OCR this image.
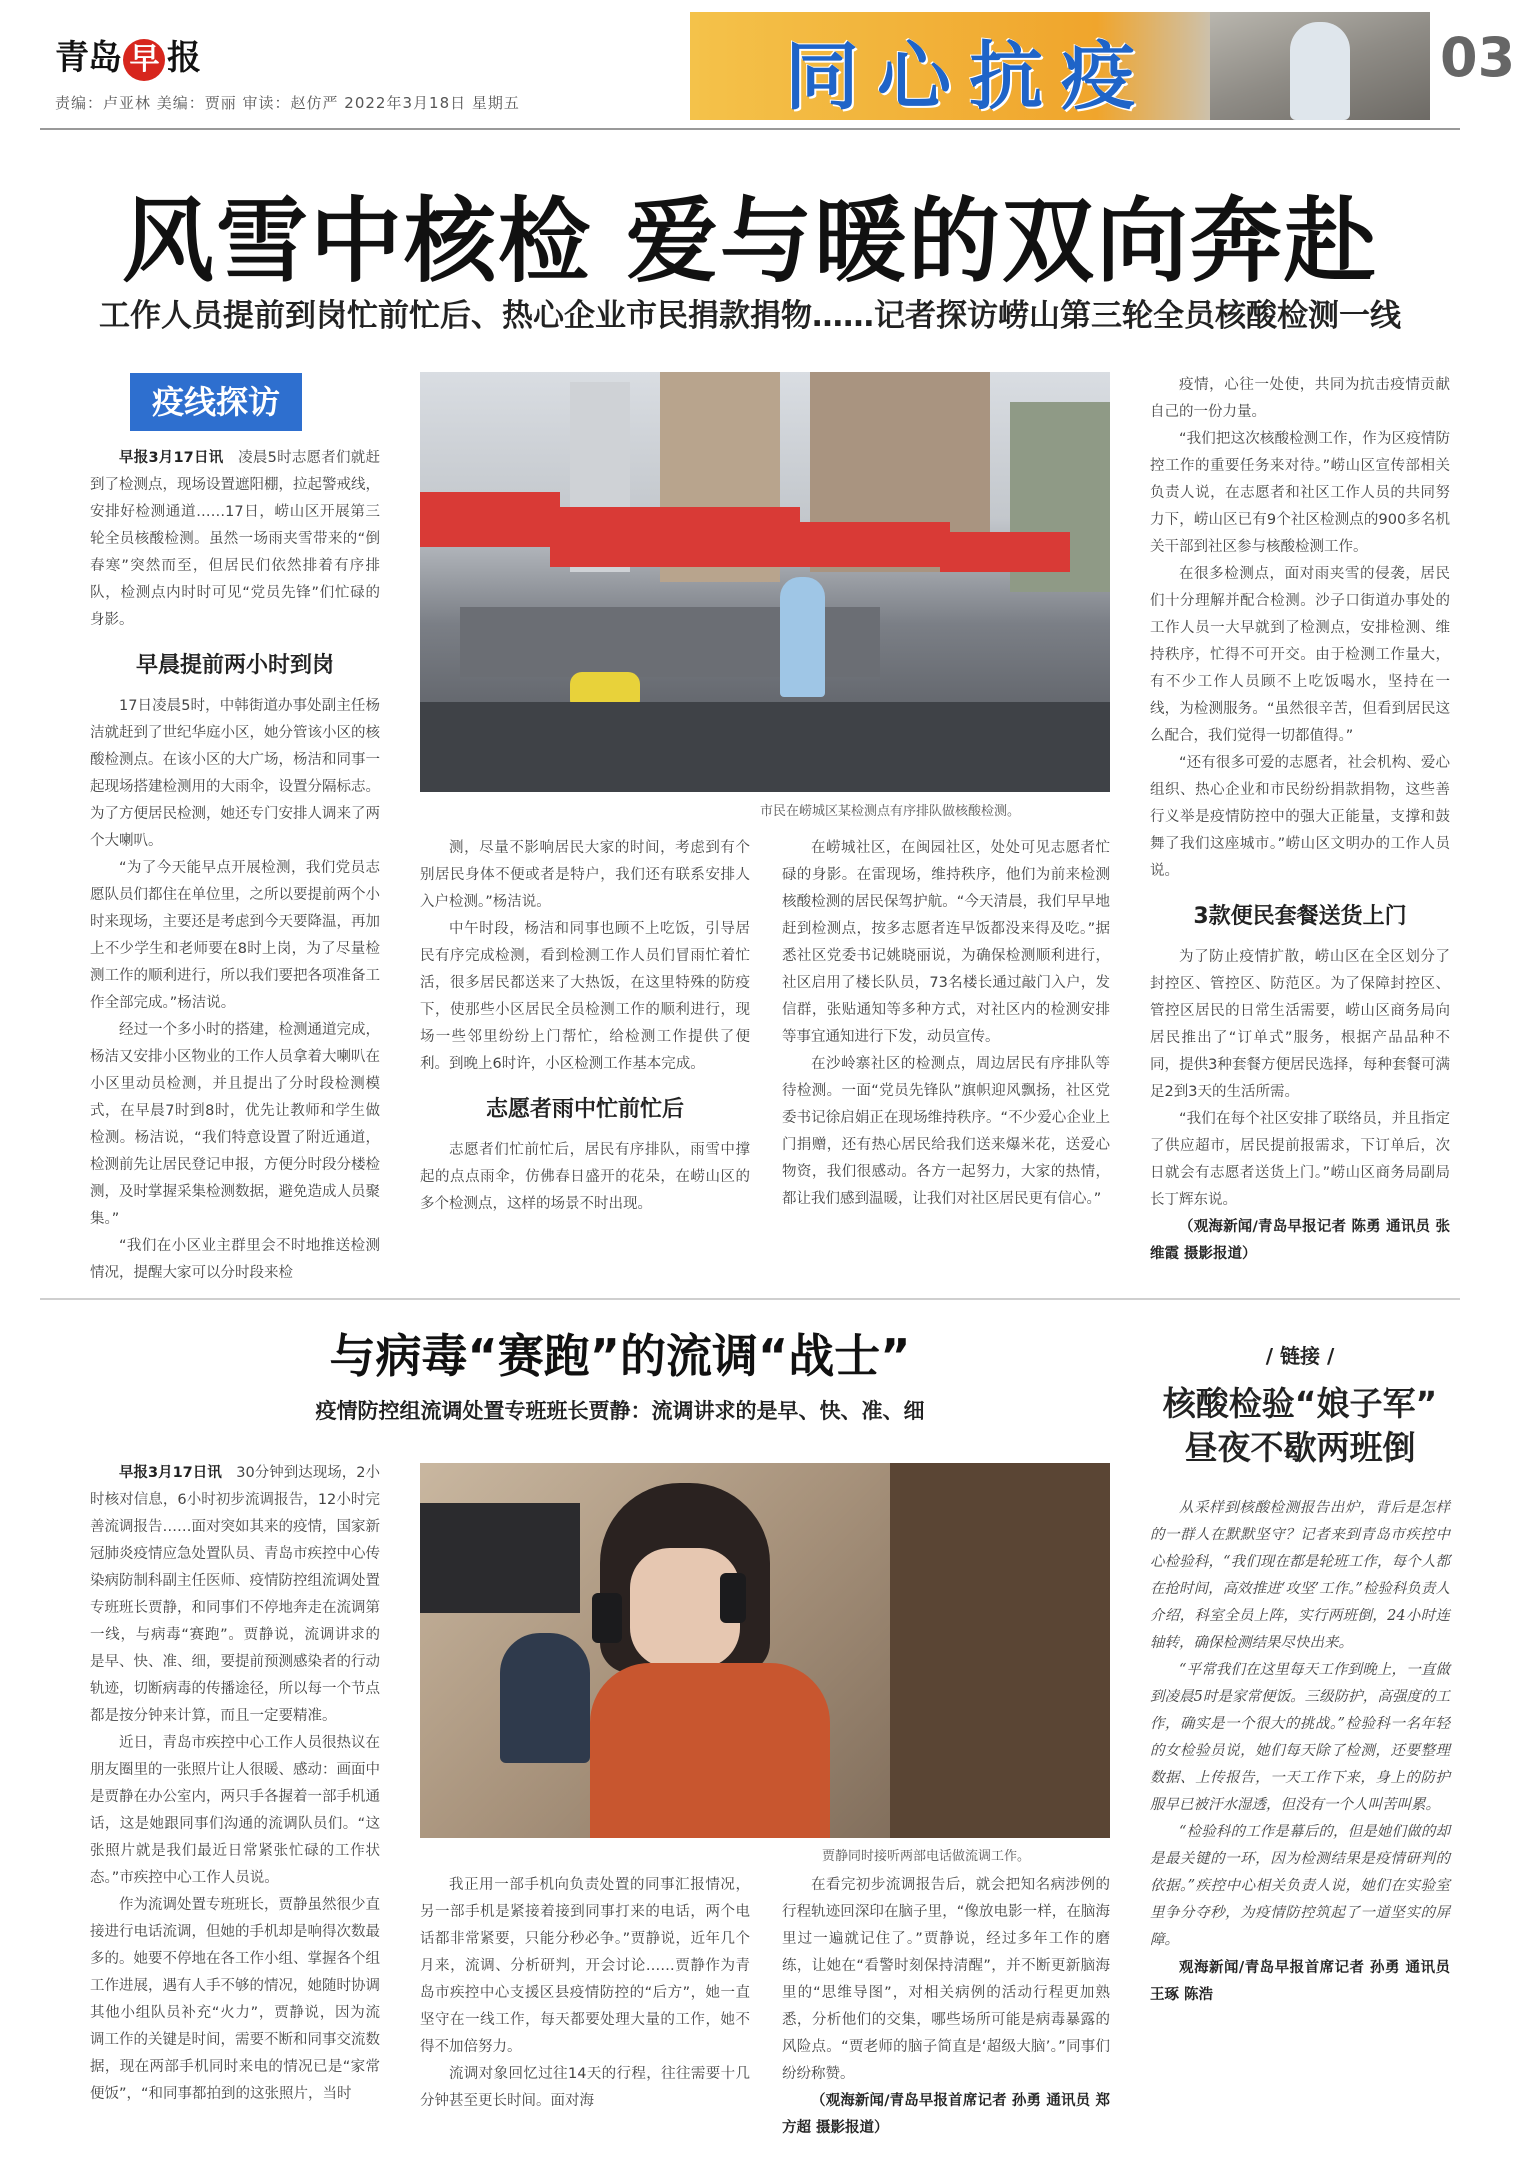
青岛 早 报
责编：卢亚林 美编：贾丽 审读：赵仿严 2022年3月18日 星期五	同心抗疫	03
风雪中核检 爱与暖的双向奔赴
工作人员提前到岗忙前忙后、热心企业市民捐款捐物……记者探访崂山第三轮全员核酸检测一线
疫线探访

早报3月17日讯　 凌晨5时志愿者们就赶到了检测点，现场设置遮阳棚，拉起警戒线，安排好检测通道……17日，崂山区开展第三轮全员核酸检测。虽然一场雨夹雪带来的“倒春寒”突然而至，但居民们依然排着有序排队，检测点内时时可见“党员先锋”们忙碌的身影。

早晨提前两小时到岗

17日凌晨5时，中韩街道办事处副主任杨洁就赶到了世纪华庭小区，她分管该小区的核酸检测点。在该小区的大广场，杨洁和同事一起现场搭建检测用的大雨伞，设置分隔标志。为了方便居民检测，她还专门安排人调来了两个大喇叭。

“为了今天能早点开展检测，我们党员志愿队员们都住在单位里，之所以要提前两个小时来现场，主要还是考虑到今天要降温，再加上不少学生和老师要在8时上岗，为了尽量检测工作的顺利进行，所以我们要把各项准备工作全部完成。”杨洁说。

经过一个多小时的搭建，检测通道完成，杨洁又安排小区物业的工作人员拿着大喇叭在小区里动员检测，并且提出了分时段检测模式，在早晨7时到8时，优先让教师和学生做检测。杨洁说，“我们特意设置了附近通道，检测前先让居民登记申报，方便分时段分楼检测，及时掌握采集检测数据，避免造成人员聚集。”

“我们在小区业主群里会不时地推送检测情况，提醒大家可以分时段来检

市民在崂城区某检测点有序排队做核酸检测。

测，尽量不影响居民大家的时间，考虑到有个别居民身体不便或者是特户，我们还有联系安排人入户检测。”杨洁说。

中午时段，杨洁和同事也顾不上吃饭，引导居民有序完成检测，看到检测工作人员们冒雨忙着忙活，很多居民都送来了大热饭，在这里特殊的防疫下，使那些小区居民全员检测工作的顺利进行，现场一些邻里纷纷上门帮忙，给检测工作提供了便利。到晚上6时许，小区检测工作基本完成。

志愿者雨中忙前忙后

志愿者们忙前忙后，居民有序排队，雨雪中撑起的点点雨伞，仿佛春日盛开的花朵，在崂山区的多个检测点，这样的场景不时出现。

在崂城社区，在闽园社区，处处可见志愿者忙碌的身影。在雷现场，维持秩序，他们为前来检测核酸检测的居民保驾护航。“今天清晨，我们早早地赶到检测点，按多志愿者连早饭都没来得及吃。”据悉社区党委书记姚晓丽说，为确保检测顺利进行，社区启用了楼长队员，73名楼长通过敲门入户，发信群，张贴通知等多种方式，对社区内的检测安排等事宜通知进行下发，动员宣传。

在沙岭寨社区的检测点，周边居民有序排队等待检测。一面“党员先锋队”旗帜迎风飘扬，社区党委书记徐启娟正在现场维持秩序。“不少爱心企业上门捐赠，还有热心居民给我们送来爆米花，送爱心物资，我们很感动。各方一起努力，大家的热情，都让我们感到温暖，让我们对社区居民更有信心。”

疫情，心往一处使，共同为抗击疫情贡献自己的一份力量。

“我们把这次核酸检测工作，作为区疫情防控工作的重要任务来对待。”崂山区宣传部相关负责人说，在志愿者和社区工作人员的共同努力下，崂山区已有9个社区检测点的900多名机关干部到社区参与核酸检测工作。

在很多检测点，面对雨夹雪的侵袭，居民们十分理解并配合检测。沙子口街道办事处的工作人员一大早就到了检测点，安排检测、维持秩序，忙得不可开交。由于检测工作量大，有不少工作人员顾不上吃饭喝水，坚持在一线，为检测服务。“虽然很辛苦，但看到居民这么配合，我们觉得一切都值得。”

“还有很多可爱的志愿者，社会机构、爱心组织、热心企业和市民纷纷捐款捐物，这些善行义举是疫情防控中的强大正能量，支撑和鼓舞了我们这座城市。”崂山区文明办的工作人员说。

3款便民套餐送货上门

为了防止疫情扩散，崂山区在全区划分了封控区、管控区、防范区。为了保障封控区、管控区居民的日常生活需要，崂山区商务局向居民推出了“订单式”服务，根据产品品种不同，提供3种套餐方便居民选择，每种套餐可满足2到3天的生活所需。

“我们在每个社区安排了联络员，并且指定了供应超市，居民提前报需求，下订单后，次日就会有志愿者送货上门。”崂山区商务局副局长丁辉东说。

（观海新闻/青岛早报记者 陈勇 通讯员 张维霞 摄影报道）

与病毒“赛跑”的流调“战士”
疫情防控组流调处置专班班长贾静：流调讲求的是早、快、准、细

早报3月17日讯　 30分钟到达现场，2小时核对信息，6小时初步流调报告，12小时完善流调报告……面对突如其来的疫情，国家新冠肺炎疫情应急处置队员、青岛市疾控中心传染病防制科副主任医师、疫情防控组流调处置专班班长贾静，和同事们不停地奔走在流调第一线，与病毒“赛跑”。贾静说，流调讲求的是早、快、准、细，要提前预测感染者的行动轨迹，切断病毒的传播途径，所以每一个节点都是按分钟来计算，而且一定要精准。

近日，青岛市疾控中心工作人员很热议在朋友圈里的一张照片让人很暖、感动：画面中是贾静在办公室内，两只手各握着一部手机通话，这是她跟同事们沟通的流调队员们。“这张照片就是我们最近日常紧张忙碌的工作状态。”市疾控中心工作人员说。

作为流调处置专班班长，贾静虽然很少直接进行电话流调，但她的手机却是响得次数最多的。她要不停地在各工作小组、掌握各个组工作进展，遇有人手不够的情况，她随时协调其他小组队员补充“火力”，贾静说，因为流调工作的关键是时间，需要不断和同事交流数据，现在两部手机同时来电的情况已是“家常便饭”，“和同事都拍到的这张照片，当时

贾静同时接听两部电话做流调工作。

我正用一部手机向负责处置的同事汇报情况，另一部手机是紧接着接到同事打来的电话，两个电话都非常紧要，只能分秒必争。”贾静说，近年几个月来，流调、分析研判，开会讨论……贾静作为青岛市疾控中心支援区县疫情防控的“后方”，她一直坚守在一线工作，每天都要处理大量的工作，她不得不加倍努力。

流调对象回忆过往14天的行程，往往需要十几分钟甚至更长时间。面对海

在看完初步流调报告后，就会把知名病涉例的行程轨迹回深印在脑子里，“像放电影一样，在脑海里过一遍就记住了。”贾静说，经过多年工作的磨练，让她在“看警时刻保持清醒”，并不断更新脑海里的“思维导图”，对相关病例的活动行程更加熟悉，分析他们的交集，哪些场所可能是病毒暴露的风险点。“贾老师的脑子简直是‘超级大脑’。”同事们纷纷称赞。

（观海新闻/青岛早报首席记者 孙勇 通讯员 郑方超 摄影报道）

/ 链接 /
核酸检验“娘子军”
昼夜不歇两班倒

从采样到核酸检测报告出炉，背后是怎样的一群人在默默坚守？记者来到青岛市疾控中心检验科，“我们现在都是轮班工作，每个人都在抢时间，高效推进‘攻坚’工作。”检验科负责人介绍，科室全员上阵，实行两班倒，24小时连轴转，确保检测结果尽快出来。

“平常我们在这里每天工作到晚上，一直做到凌晨5时是家常便饭。三级防护，高强度的工作，确实是一个很大的挑战。”检验科一名年轻的女检验员说，她们每天除了检测，还要整理数据、上传报告，一天工作下来，身上的防护服早已被汗水湿透，但没有一个人叫苦叫累。

“检验科的工作是幕后的，但是她们做的却是最关键的一环，因为检测结果是疫情研判的依据。”疾控中心相关负责人说，她们在实验室里争分夺秒，为疫情防控筑起了一道坚实的屏障。

观海新闻/青岛早报首席记者 孙勇 通讯员 王琢 陈浩
